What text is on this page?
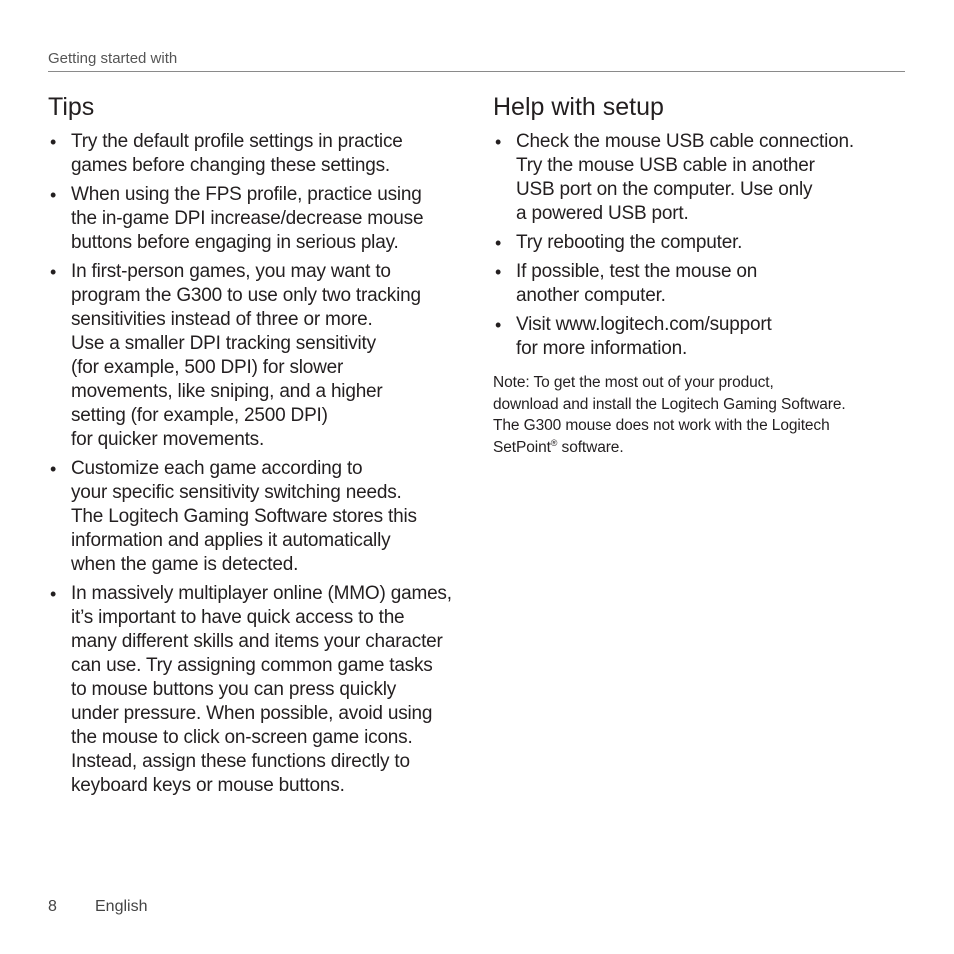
Getting started with
Tips
• Try the default profile settings in practice
games before changing these settings.
• When using the FPS profile, practice using
the in-game DPI increase/decrease mouse
buttons before engaging in serious play.
• In first-person games, you may want to
program the G300 to use only two tracking
sensitivities instead of three or more.
Use a smaller DPI tracking sensitivity
(for example, 500 DPI) for slower
movements, like sniping, and a higher
setting (for example, 2500 DPI)
for quicker movements.
• Customize each game according to
your specific sensitivity switching needs.
The Logitech Gaming Software stores this
information and applies it automatically
when the game is detected.
• In massively multiplayer online (MMO) games,
it’s important to have quick access to the
many different skills and items your character
can use. Try assigning common game tasks
to mouse buttons you can press quickly
under pressure. When possible, avoid using
the mouse to click on-screen game icons.
Instead, assign these functions directly to
keyboard keys or mouse buttons.
Help with setup
• Check the mouse USB cable connection.
Try the mouse USB cable in another
USB port on the computer. Use only
a powered USB port.
• Try rebooting the computer.
• If possible, test the mouse on
another computer.
• Visit www.logitech.com/support
for more information.

Note: To get the most out of your product,
download and install the Logitech Gaming Software.
The G300 mouse does not work with the Logitech
SetPoint® software.

8 English
